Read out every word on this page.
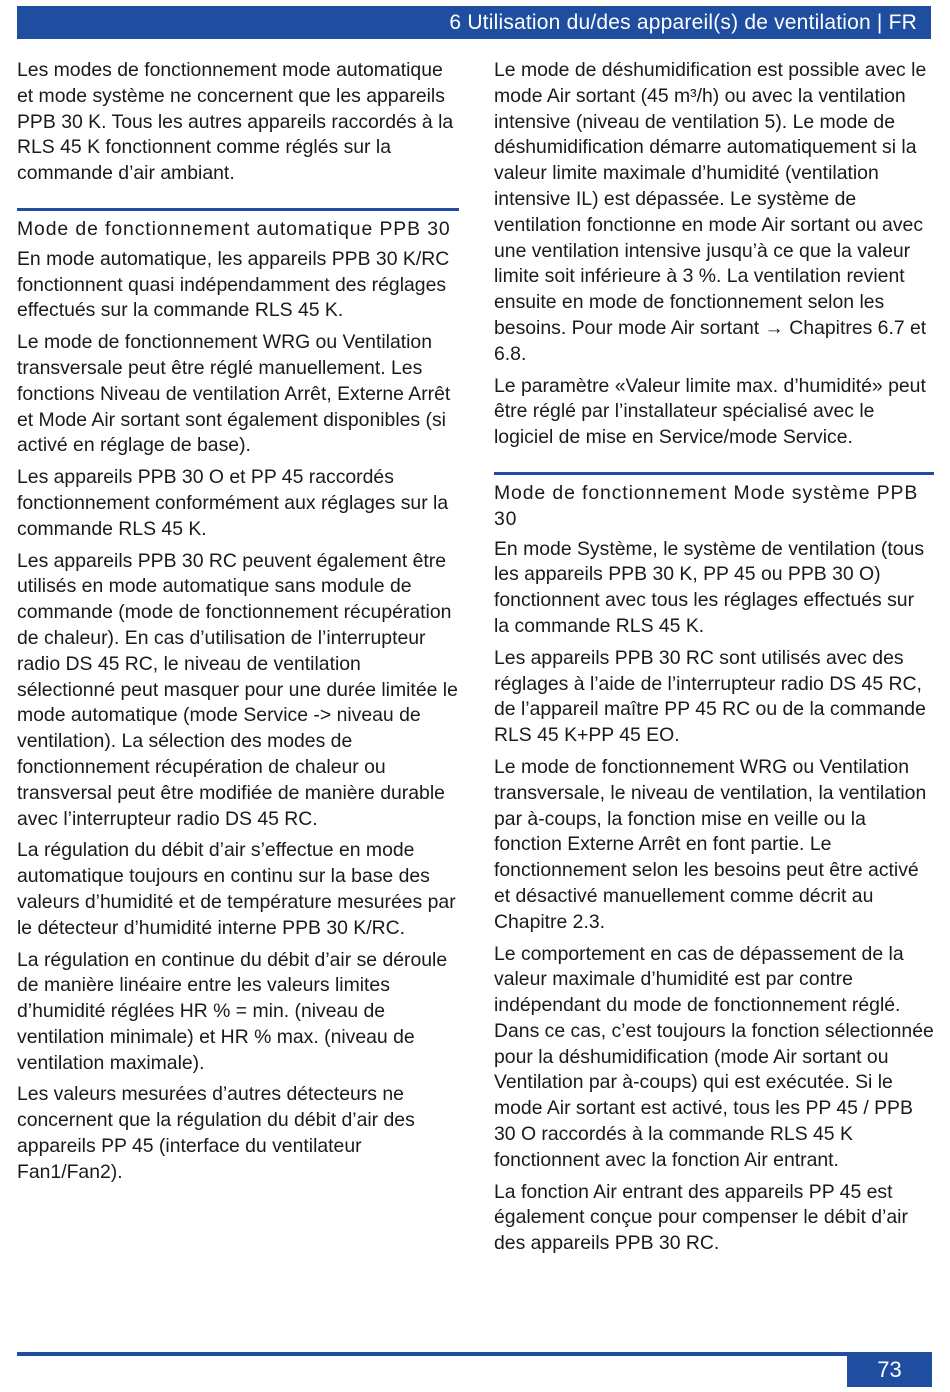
6 Utilisation du/des appareil(s) de ventilation | FR

Les modes de fonctionnement mode automatique et mode système ne concernent que les appareils PPB 30 K. Tous les autres appareils raccordés à la RLS 45 K fonctionnent comme réglés sur la commande d’air ambiant.

Mode de fonctionnement automatique PPB 30

En mode automatique, les appareils PPB 30 K/RC fonctionnent quasi indépendamment des réglages effectués sur la commande RLS 45 K.

Le mode de fonctionnement WRG ou Ventilation transversale peut être réglé manuellement. Les fonctions Niveau de ventilation Arrêt, Externe Arrêt et Mode Air sortant sont également disponibles (si activé en réglage de base).

Les appareils PPB 30 O et PP 45 raccordés fonctionnement conformément aux réglages sur la commande RLS 45 K.

Les appareils PPB 30 RC peuvent également être utilisés en mode automatique sans module de commande (mode de fonctionnement récupération de chaleur). En cas d’utilisation de l’interrupteur radio DS 45 RC, le niveau de ventilation sélectionné peut masquer pour une durée limitée le mode automatique (mode Service -> niveau de ventilation). La sélection des modes de fonctionnement récupération de chaleur ou transversal peut être modifiée de manière durable avec l’interrupteur radio DS 45 RC.

La régulation du débit d’air s’effectue en mode automatique toujours en continu sur la base des valeurs d’humidité et de température mesurées par le détecteur d’humidité interne PPB 30 K/RC.

La régulation en continue du débit d’air se déroule de manière linéaire entre les valeurs limites d’humidité réglées HR % = min. (niveau de ventilation minimale) et HR % max. (niveau de ventilation maximale).

Les valeurs mesurées d’autres détecteurs ne concernent que la régulation du débit d’air des appareils PP 45 (interface du ventilateur Fan1/Fan2).

Le mode de déshumidification est possible avec le mode Air sortant (45 m³/h) ou avec la ventilation intensive (niveau de ventilation 5). Le mode de déshumidification démarre automatiquement si la valeur limite maximale d’humidité (ventilation intensive IL) est dépassée. Le système de ventilation fonctionne en mode Air sortant ou avec une ventilation intensive jusqu’à ce que la valeur limite soit inférieure à 3 %. La ventilation revient ensuite en mode de fonctionnement selon les besoins. Pour mode Air sortant → Chapitres 6.7 et 6.8.

Le paramètre «Valeur limite max. d’humidité» peut être réglé par l’installateur spécialisé avec le logiciel de mise en Service/mode Service.

Mode de fonctionnement Mode système PPB 30

En mode Système, le système de ventilation (tous les appareils PPB 30 K, PP 45 ou PPB 30 O) fonctionnent avec tous les réglages effectués sur la commande RLS 45 K.

Les appareils PPB 30 RC sont utilisés avec des réglages à l’aide de l’interrupteur radio DS 45 RC, de l’appareil maître PP 45 RC ou de la commande RLS 45 K+PP 45 EO.

Le mode de fonctionnement WRG ou Ventilation transversale, le niveau de ventilation, la ventilation par à-coups, la fonction mise en veille ou la fonction Externe Arrêt en font partie. Le fonctionnement selon les besoins peut être activé et désactivé manuellement comme décrit au Chapitre 2.3.

Le comportement en cas de dépassement de la valeur maximale d’humidité est par contre indépendant du mode de fonctionnement réglé. Dans ce cas, c’est toujours la fonction sélectionnée pour la déshumidification (mode Air sortant ou Ventilation par à-coups) qui est exécutée. Si le mode Air sortant est activé, tous les PP 45 / PPB 30 O raccordés à la commande RLS 45 K fonctionnent avec la fonction Air entrant.

La fonction Air entrant des appareils PP 45 est également conçue pour compenser le débit d’air des appareils PPB 30 RC.

73
